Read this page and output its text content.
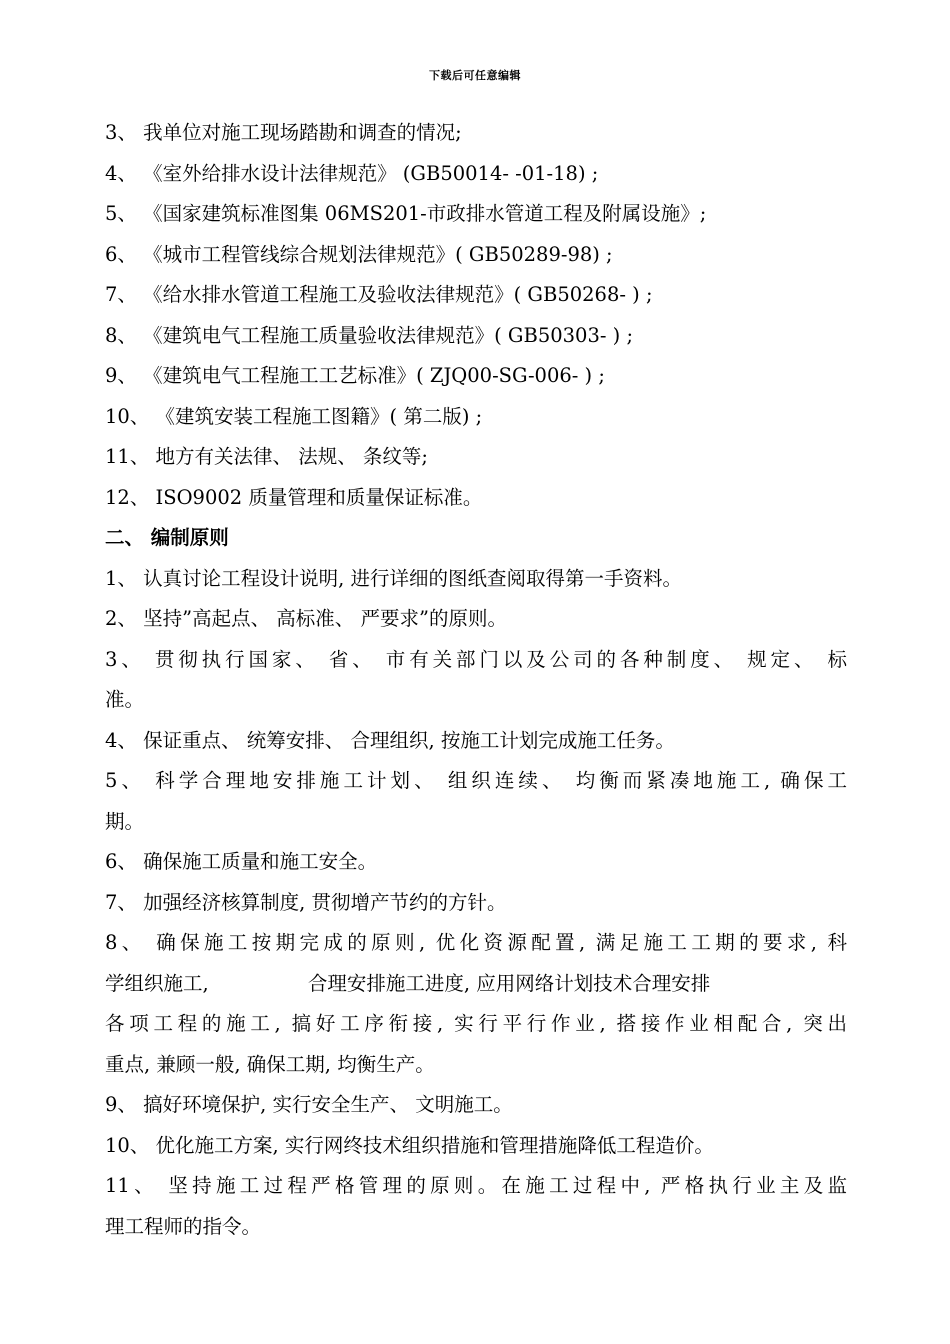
下载后可任意编辑
3、 我单位对施工现场踏勘和调查的情况;
4、 《室外给排水设计法律规范》 (GB50014- -01-18) ;
5、 《国家建筑标准图集 06MS201-市政排水管道工程及附属设施》;
6、 《城市工程管线综合规划法律规范》( GB50289-98) ;
7、 《给水排水管道工程施工及验收法律规范》( GB50268- ) ;
8、 《建筑电气工程施工质量验收法律规范》( GB50303- ) ;
9、 《建筑电气工程施工工艺标准》( ZJQ00-SG-006- ) ;
10、 《建筑安装工程施工图籍》( 第二版) ;
11、 地方有关法律、 法规、 条纹等;
12、 ISO9002 质量管理和质量保证标准。
二、 编制原则
1、 认真讨论工程设计说明, 进行详细的图纸查阅取得第一手资料。
2、 坚持”高起点、 高标准、 严要求”的原则。
3、 贯彻执行国家、 省、 市有关部门以及公司的各种制度、 规定、 标
准。
4、 保证重点、 统筹安排、 合理组织, 按施工计划完成施工任务。
5、 科学合理地安排施工计划、 组织连续、 均衡而紧凑地施工, 确保工
期。
6、 确保施工质量和施工安全。
7、 加强经济核算制度, 贯彻增产节约的方针。
8、 确保施工按期完成的原则, 优化资源配置, 满足施工工期的要求, 科
学组织施工,                合理安排施工进度, 应用网络计划技术合理安排
各项工程的施工, 搞好工序衔接, 实行平行作业, 搭接作业相配合, 突出
重点, 兼顾一般, 确保工期, 均衡生产。
9、 搞好环境保护, 实行安全生产、 文明施工。
10、 优化施工方案, 实行网终技术组织措施和管理措施降低工程造价。
11、 坚持施工过程严格管理的原则。在施工过程中, 严格执行业主及监
理工程师的指令。
